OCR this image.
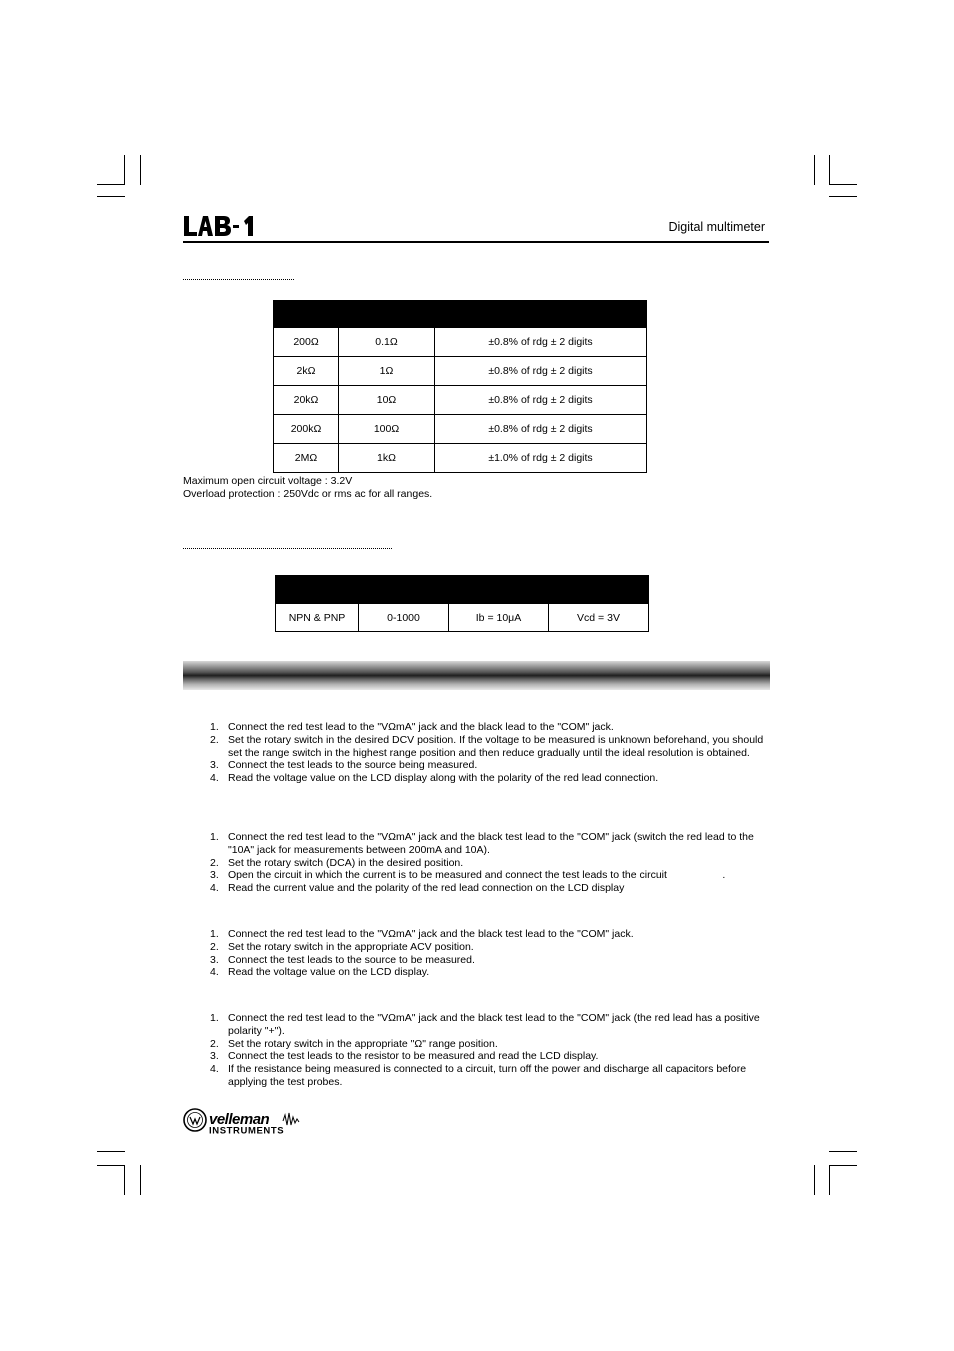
Digital multimeter

200Ω	0.1Ω	±0.8% of rdg ± 2 digits
2kΩ	1Ω	±0.8% of rdg ± 2 digits
20kΩ	10Ω	±0.8% of rdg ± 2 digits
200kΩ	100Ω	±0.8% of rdg ± 2 digits
2MΩ	1kΩ	±1.0% of rdg ± 2 digits
Maximum open circuit voltage : 3.2V
Overload protection : 250Vdc or rms ac for all ranges.

NPN & PNP	0-1000	Ib = 10μA	Vcd = 3V
1. Connect the red test lead to the "VΩmA" jack and the black lead to the "COM" jack.
2. Set the rotary switch in the desired DCV position. If the voltage to be measured is unknown beforehand, you should set the range switch in the highest range position and then reduce gradually until the ideal resolution is obtained.
3. Connect the test leads to the source being measured.
4. Read the voltage value on the LCD display along with the polarity of the red lead connection.
1. Connect the red test lead to the "VΩmA" jack and the black test lead to the "COM" jack (switch the red lead to the "10A" jack for measurements between 200mA and 10A).
2. Set the rotary switch (DCA) in the desired position.
3. Open the circuit in which the current is to be measured and connect the test leads to the circuit                   .
4. Read the current value and the polarity of the red lead connection on the LCD display
1. Connect the red test lead to the "VΩmA" jack and the black test lead to the "COM" jack.
2. Set the rotary switch in the appropriate ACV position.
3. Connect the test leads to the source to be measured.
4. Read the voltage value on the LCD display.
1. Connect the red test lead to the "VΩmA" jack and the black test lead to the "COM" jack (the red lead has a positive polarity "+").
2. Set the rotary switch in the appropriate "Ω" range position.
3. Connect the test leads to the resistor to be measured and read the LCD display.
4. If the resistance being measured is connected to a circuit, turn off the power and discharge all capacitors before applying the test probes.
velleman
INSTRUMENTS
